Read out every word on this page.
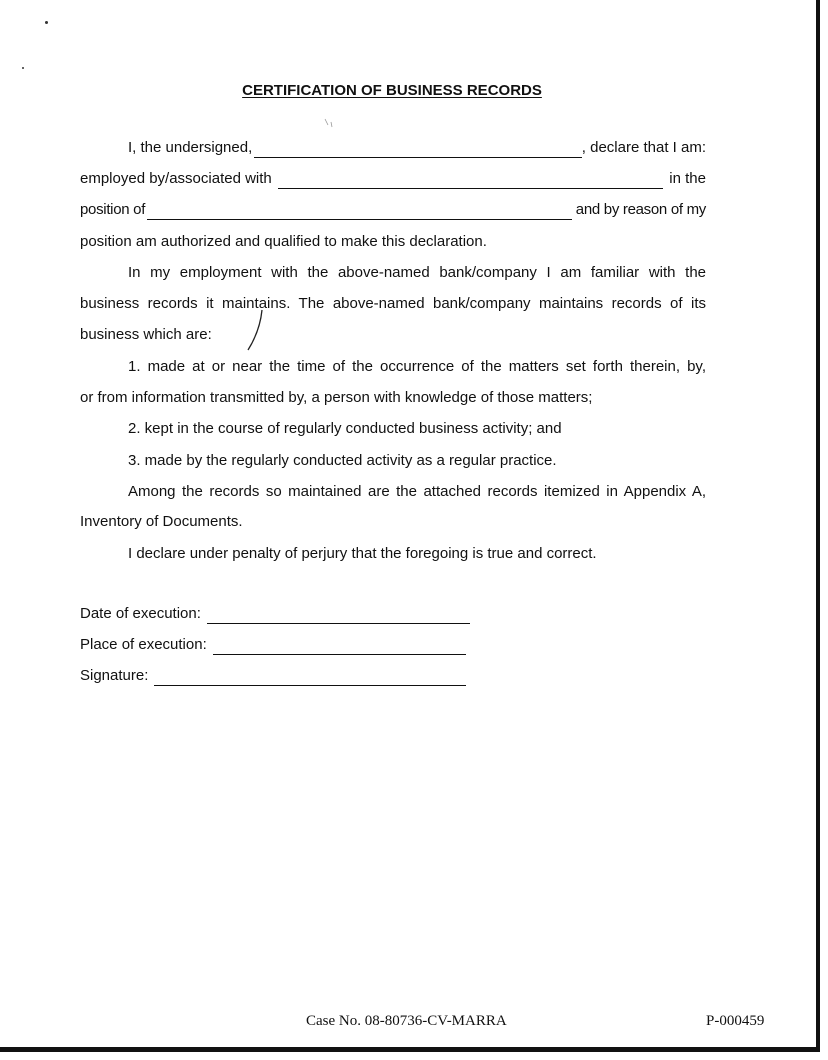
CERTIFICATION OF BUSINESS RECORDS
I, the undersigned,	, declare that I am:
employed by/associated with	in the
position of	and by reason of my
position am authorized and qualified to make this declaration.
In my employment with the above-named bank/company I am familiar with the
business records it maintains. The above-named bank/company maintains records of its
business which are:
1. made at or near the time of the occurrence of the matters set forth therein, by,
or from information transmitted by, a person with knowledge of those matters;
2. kept in the course of regularly conducted business activity; and
3. made by the regularly conducted activity as a regular practice.
Among the records so maintained are the attached records itemized in Appendix A,
Inventory of Documents.
I declare under penalty of perjury that the foregoing is true and correct.
Date of execution:
Place of execution:
Signature:
Case No. 08-80736-CV-MARRA	P-000459
